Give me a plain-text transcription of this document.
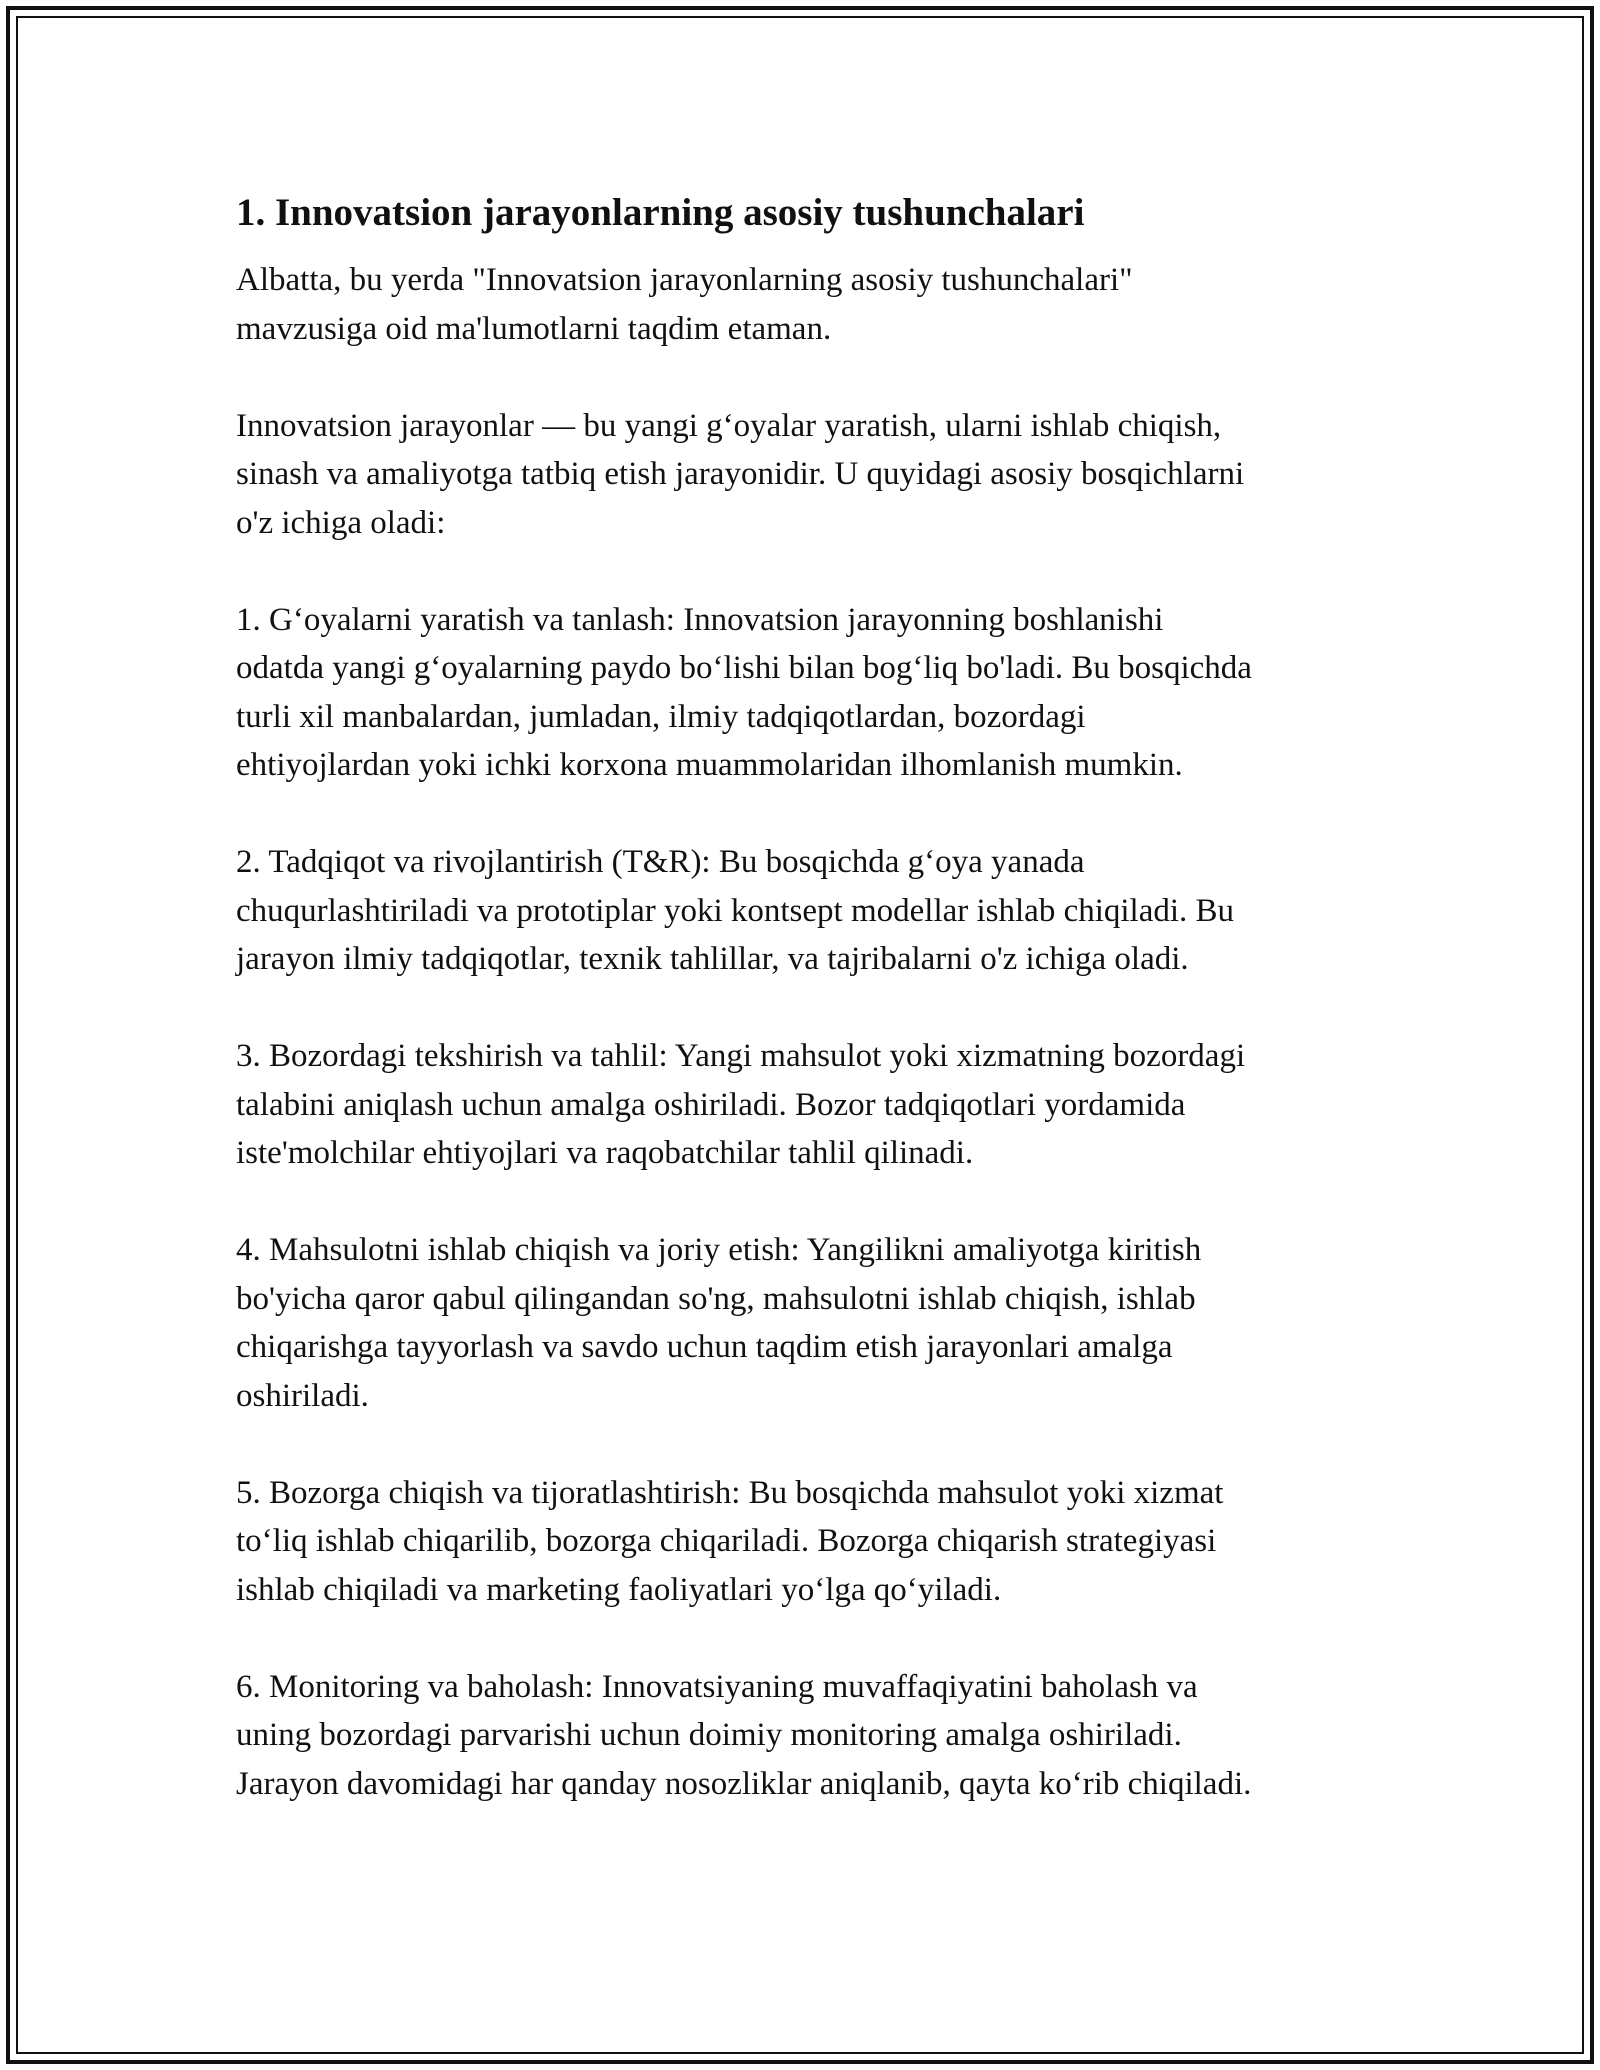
1. Innovatsion jarayonlarning asosiy tushunchalari

Albatta, bu yerda "Innovatsion jarayonlarning asosiy tushunchalari"
mavzusiga oid ma'lumotlarni taqdim etaman.

Innovatsion jarayonlar — bu yangi g‘oyalar yaratish, ularni ishlab chiqish,
sinash va amaliyotga tatbiq etish jarayonidir. U quyidagi asosiy bosqichlarni
o'z ichiga oladi:

1. G‘oyalarni yaratish va tanlash: Innovatsion jarayonning boshlanishi
odatda yangi g‘oyalarning paydo bo‘lishi bilan bog‘liq bo'ladi. Bu bosqichda
turli xil manbalardan, jumladan, ilmiy tadqiqotlardan, bozordagi
ehtiyojlardan yoki ichki korxona muammolaridan ilhomlanish mumkin.

2. Tadqiqot va rivojlantirish (T&R): Bu bosqichda g‘oya yanada
chuqurlashtiriladi va prototiplar yoki kontsept modellar ishlab chiqiladi. Bu
jarayon ilmiy tadqiqotlar, texnik tahlillar, va tajribalarni o'z ichiga oladi.

3. Bozordagi tekshirish va tahlil: Yangi mahsulot yoki xizmatning bozordagi
talabini aniqlash uchun amalga oshiriladi. Bozor tadqiqotlari yordamida
iste'molchilar ehtiyojlari va raqobatchilar tahlil qilinadi.

4. Mahsulotni ishlab chiqish va joriy etish: Yangilikni amaliyotga kiritish
bo'yicha qaror qabul qilingandan so'ng, mahsulotni ishlab chiqish, ishlab
chiqarishga tayyorlash va savdo uchun taqdim etish jarayonlari amalga
oshiriladi.

5. Bozorga chiqish va tijoratlashtirish: Bu bosqichda mahsulot yoki xizmat
to‘liq ishlab chiqarilib, bozorga chiqariladi. Bozorga chiqarish strategiyasi
ishlab chiqiladi va marketing faoliyatlari yo‘lga qo‘yiladi.

6. Monitoring va baholash: Innovatsiyaning muvaffaqiyatini baholash va
uning bozordagi parvarishi uchun doimiy monitoring amalga oshiriladi.
Jarayon davomidagi har qanday nosozliklar aniqlanib, qayta ko‘rib chiqiladi.
